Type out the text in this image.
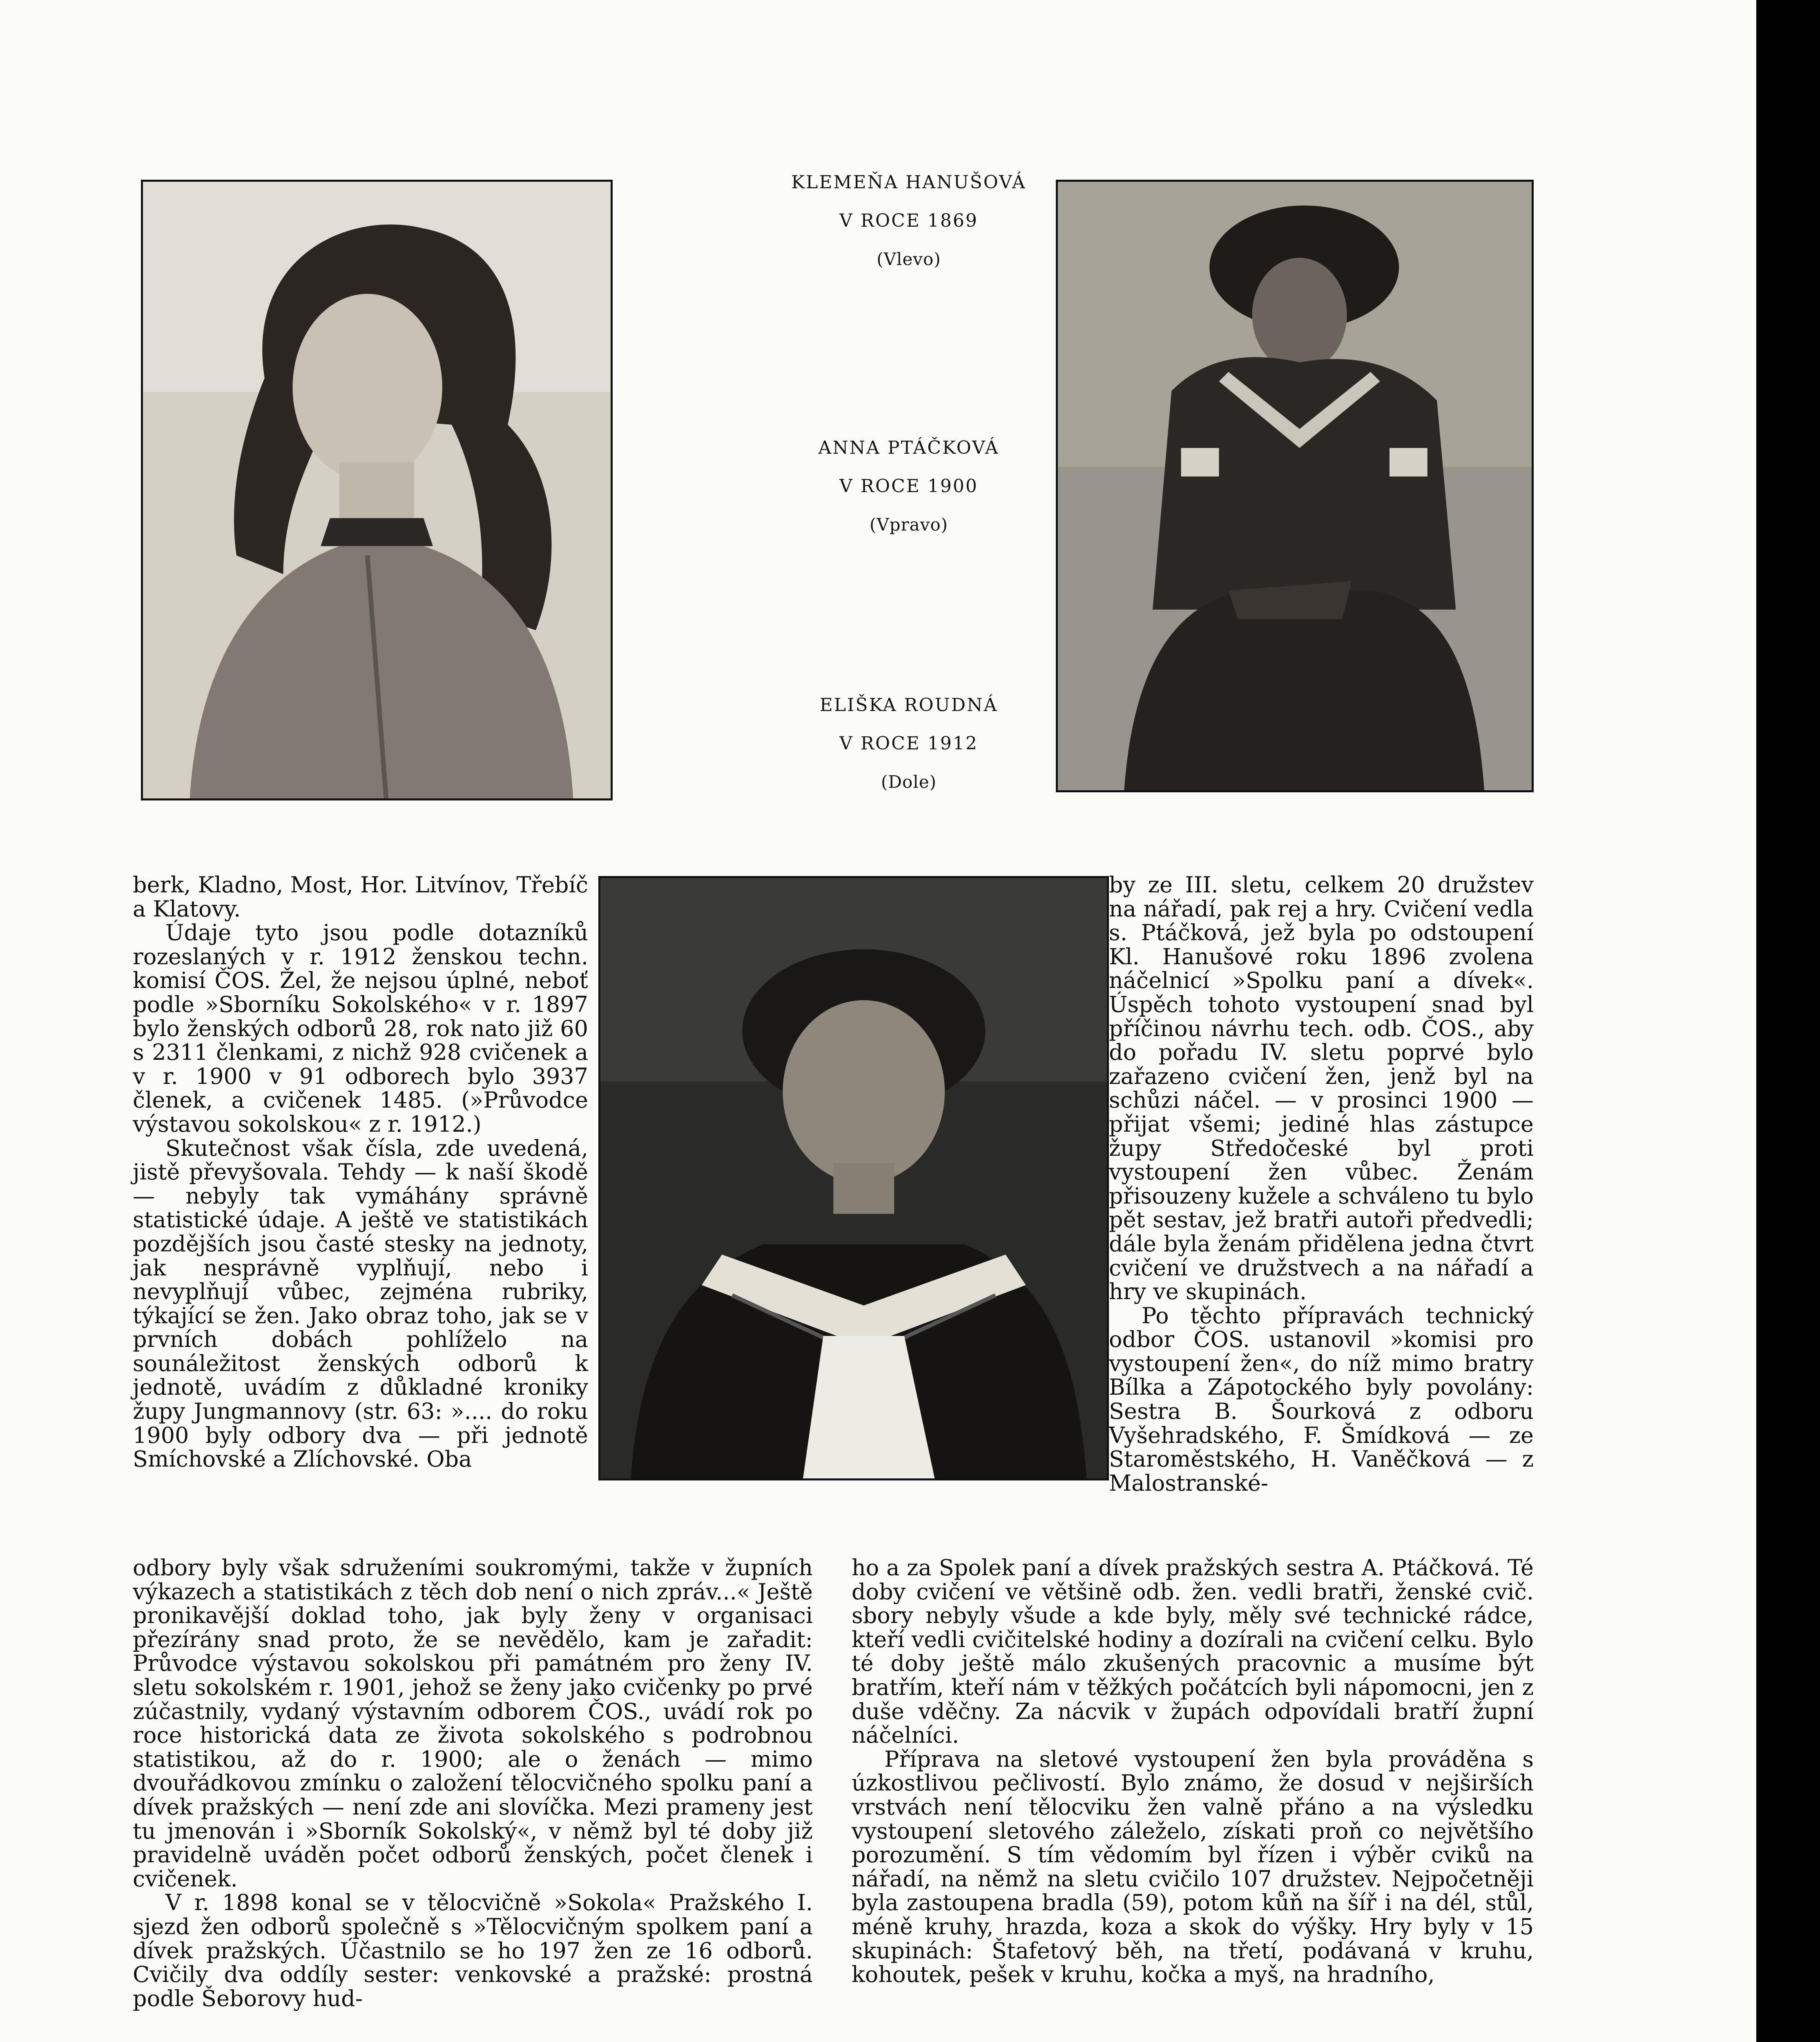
KLEMEŇA HANUŠOVÁ
V ROCE 1869
(Vlevo)
ANNA PTÁČKOVÁ
V ROCE 1900
(Vpravo)
ELIŠKA ROUDNÁ
V ROCE 1912
(Dole)

berk, Kladno, Most, Hor. Litvínov, Třebíč a Klatovy.

Údaje tyto jsou podle dotazníků rozeslaných v r. 1912 ženskou techn. komisí ČOS. Žel, že nejsou úplné, neboť podle »Sborníku Sokolského« v r. 1897 bylo ženských odborů 28, rok nato již 60 s 2311 členkami, z nichž 928 cvičenek a v r. 1900 v 91 odborech bylo 3937 členek, a cvičenek 1485. (»Průvodce výstavou sokolskou« z r. 1912.)

Skutečnost však čísla, zde uvedená, jistě převyšovala. Tehdy — k naší škodě — nebyly tak vymáhány správně statistické údaje. A ještě ve statistikách pozdějších jsou časté stesky na jednoty, jak nesprávně vyplňují, nebo i nevyplňují vůbec, zejména rubriky, týkající se žen. Jako obraz toho, jak se v prvních dobách pohlíželo na sounáležitost ženských odborů k jednotě, uvádím z důkladné kroniky župy Jungmannovy (str. 63: ».... do roku 1900 byly odbory dva — při jednotě Smíchovské a Zlíchovské. Oba

odbory byly však sdruženími soukromými, takže v župních výkazech a statistikách z těch dob není o nich zpráv...« Ještě pronikavější doklad toho, jak byly ženy v organisaci přezírány snad proto, že se nevědělo, kam je zařadit: Průvodce výstavou sokolskou při památném pro ženy IV. sletu sokolském r. 1901, jehož se ženy jako cvičenky po prvé zúčastnily, vydaný výstavním odborem ČOS., uvádí rok po roce historická data ze života sokolského s podrobnou statistikou, až do r. 1900; ale o ženách — mimo dvouřádkovou zmínku o založení tělocvičného spolku paní a dívek pražských — není zde ani slovíčka. Mezi prameny jest tu jmenován i »Sborník Sokolský«, v němž byl té doby již pravidelně uváděn počet odborů ženských, počet členek i cvičenek.

V r. 1898 konal se v tělocvičně »Sokola« Pražského I. sjezd žen odborů společně s »Tělocvičným spolkem paní a dívek pražských. Účastnilo se ho 197 žen ze 16 odborů. Cvičily dva oddíly sester: venkovské a pražské: prostná podle Šeborovy hud-

by ze III. sletu, celkem 20 družstev na nářadí, pak rej a hry. Cvičení vedla s. Ptáčková, jež byla po odstoupení Kl. Hanušové roku 1896 zvolena náčelnicí »Spolku paní a dívek«. Úspěch tohoto vystoupení snad byl příčinou návrhu tech. odb. ČOS., aby do pořadu IV. sletu poprvé bylo zařazeno cvičení žen, jenž byl na schůzi náčel. — v prosinci 1900 — přijat všemi; jediné hlas zástupce župy Středočeské byl proti vystoupení žen vůbec. Ženám přisouzeny kužele a schváleno tu bylo pět sestav, jež bratři autoři předvedli; dále byla ženám přidělena jedna čtvrt cvičení ve družstvech a na nářadí a hry ve skupinách.

Po těchto přípravách technický odbor ČOS. ustanovil »komisi pro vystoupení žen«, do níž mimo bratry Bílka a Zápotockého byly povolány: Sestra B. Šourková z odboru Vyšehradského, F. Šmídková — ze Staroměstského, H. Vaněčková — z Malostranské-

ho a za Spolek paní a dívek pražských sestra A. Ptáčková. Té doby cvičení ve většině odb. žen. vedli bratři, ženské cvič. sbory nebyly všude a kde byly, měly své technické rádce, kteří vedli cvičitelské hodiny a dozírali na cvičení celku. Bylo té doby ještě málo zkušených pracovnic a musíme být bratřím, kteří nám v těžkých počátcích byli nápomocni, jen z duše vděčny. Za nácvik v župách odpovídali bratří župní náčelníci.

Příprava na sletové vystoupení žen byla prováděna s úzkostlivou pečlivostí. Bylo známo, že dosud v nejširších vrstvách není tělocviku žen valně přáno a na výsledku vystoupení sletového záleželo, získati proň co největšího porozumění. S tím vědomím byl řízen i výběr cviků na nářadí, na němž na sletu cvičilo 107 družstev. Nejpočetněji byla zastoupena bradla (59), potom kůň na šíř i na dél, stůl, méně kruhy, hrazda, koza a skok do výšky. Hry byly v 15 skupinách: Štafetový běh, na třetí, podávaná v kruhu, kohoutek, pešek v kruhu, kočka a myš, na hradního,
